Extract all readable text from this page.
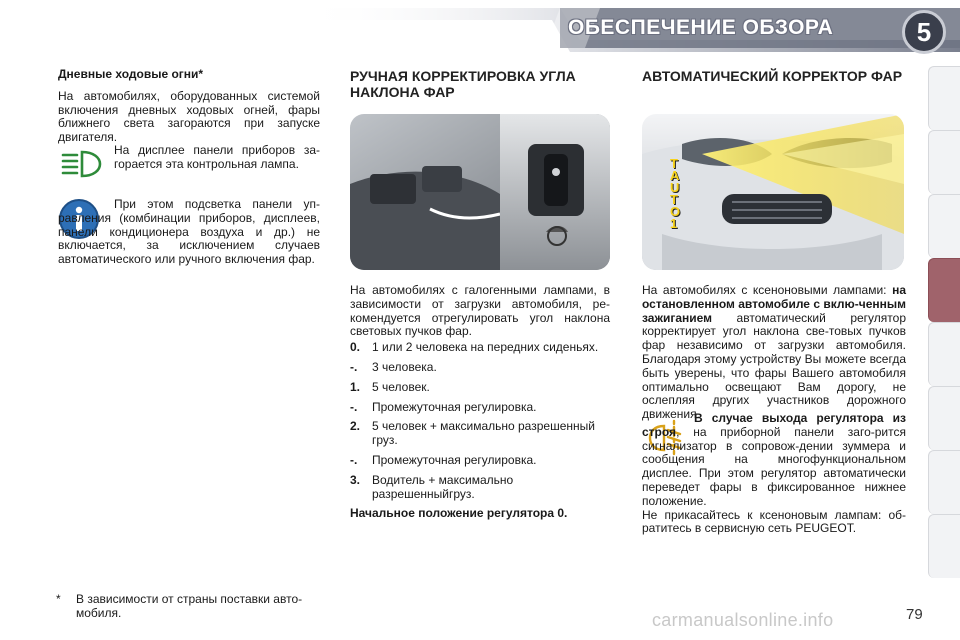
ОБЕСПЕЧЕНИЕ ОБЗОРА	5
Дневные ходовые огни*

На автомобилях, оборудованных системой включения дневных ходовых огней, фары ближнего света загораются при запуске двигателя.

На дисплее панели приборов за-горается эта контрольная лампа.

При этом подсветка панели уп-равления (комбинации приборов, дисплеев, панели кондиционера воздуха и др.) не включается, за исключением случаев автоматического или ручного включения фар.

РУЧНАЯ КОРРЕКТИРОВКА УГЛА НАКЛОНА ФАР

На автомобилях с галогенными лампами, в зависимости от загрузки автомобиля, ре-комендуется отрегулировать угол наклона световых пучков фар.

0. 1 или 2 человека на передних сиденьях.
-. 3 человека.
1. 5 человек.
-. Промежуточная регулировка.
2. 5 человек + максимально разрешенный груз.
-. Промежуточная регулировка.
3. Водитель + максимально разрешенныйгруз.

Начальное положение регулятора 0.

АВТОМАТИЧЕСКИЙ КОРРЕКТОР ФАР
TAUTO 1

На автомобилях с ксеноновыми лампами: на остановленном автомобиле с вклю-ченным зажиганием автоматический регулятор корректирует угол наклона све-товых пучков фар независимо от загрузки автомобиля. Благодаря этому устройству Вы можете всегда быть уверены, что фары Вашего автомобиля оптимально освещают Вам дорогу, не ослепляя других участников дорожного движения.

В случае выхода регулятора из строя, на приборной панели заго-рится сигнализатор в сопровож-дении зуммера и сообщения на многофункциональном дисплее. При этом регулятор автоматически переведет фары в фиксированное нижнее положение.

Не прикасайтесь к ксеноновым лампам: об-ратитесь в сервисную сеть PEUGEOT.

*	В зависимости от страны поставки авто-мобиля.	carmanualsonline.info	79
